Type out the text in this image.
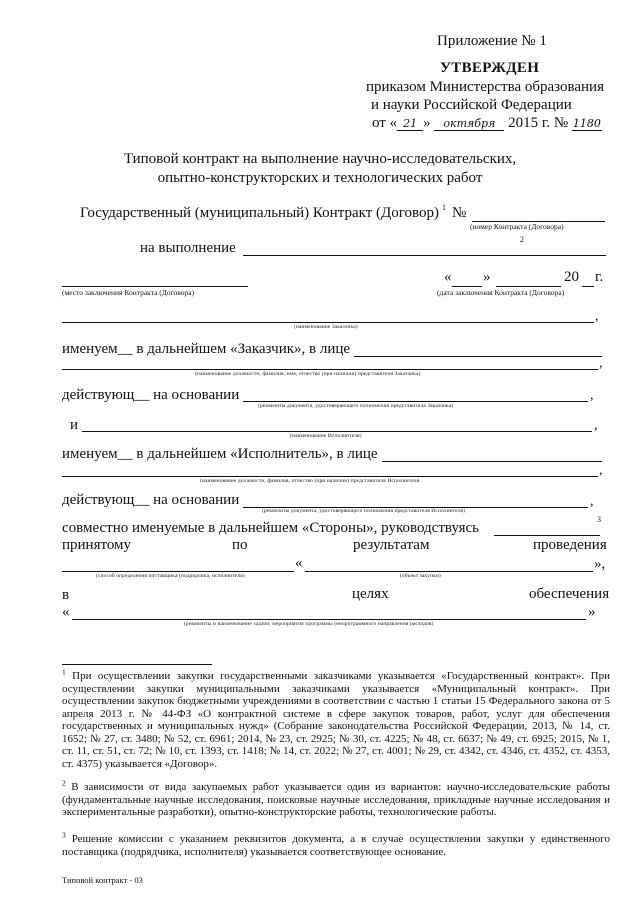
Приложение № 1
УТВЕРЖДЕН
приказом Министерства образования
и науки Российской Федерации
от « 21 » октября 2015 г. № 1180
Типовой контракт на выполнение научно-исследовательских,
опытно-конструкторских и технологических работ
Государственный (муниципальный) Контракт (Договор) 1 №
(номер Контракта (Договора)
2
на выполнение
« »	20 г.
(место заключения Контракта (Договора)	(дата заключения Контракта (Договора)
,
(наименование Заказчика)
именуем__ в дальнейшем «Заказчик», в лице
,
(наименование должности, фамилия, имя, отчество (при наличии) представителя Заказчика)
действующ__ на основании	,
(реквизиты документа, удостоверяющего полномочия представителя Заказчика)
и	,
(наименование Исполнителя)
именуем__ в дальнейшем «Исполнитель», в лице
,
(наименование должности, фамилия, отчество (при наличии) представителя Исполнителя
действующ__ на основании	,
(реквизиты документа, удостоверяющего полномочия представителя Исполнителя)
совместно именуемые в дальнейшем «Стороны», руководствуясь
3
принятому	по	результатам	проведения
«	»,
(способ определения поставщика (подрядчика, исполнителя)	(объект закупки)
в	целях	обеспечения
«	»
(реквизиты и наименование задачи, мероприятия программы (непрограммного направления расходов)
$^1$ При осуществлении закупки государственными заказчиками указывается «Государственный контракт». При осуществлении закупки муниципальными заказчиками указывается «Муниципальный контракт». При осуществлении закупок бюджетными учреждениями в соответствии с частью 1 статьи 15 Федерального закона от 5 апреля 2013 г. № 44-ФЗ «О контрактной системе в сфере закупок товаров, работ, услуг для обеспечения государственных и муниципальных нужд» (Собрание законодательства Российской Федерации, 2013, № 14, ст. 1652; № 27, ст. 3480; № 52, ст. 6961; 2014, № 23, ст. 2925; № 30, ст. 4225; № 48, ст. 6637; № 49, ст. 6925; 2015, № 1, ст. 11, ст. 51, ст. 72; № 10, ст. 1393, ст. 1418; № 14, ст. 2022; № 27, ст. 4001; № 29, ст. 4342, ст. 4346, ст. 4352, ст. 4353, ст. 4375) указывается «Договор».
$^2$ В зависимости от вида закупаемых работ указывается один из вариантов: научно-исследовательские работы (фундаментальные научные исследования, поисковые научные исследования, прикладные научные исследования и экспериментальные разработки), опытно-конструкторские работы, технологические работы.
$^3$ Решение комиссии с указанием реквизитов документа, а в случае осуществления закупки у единственного поставщика (подрядчика, исполнителя) указывается соответствующее основание.
Типовой контракт - 03
